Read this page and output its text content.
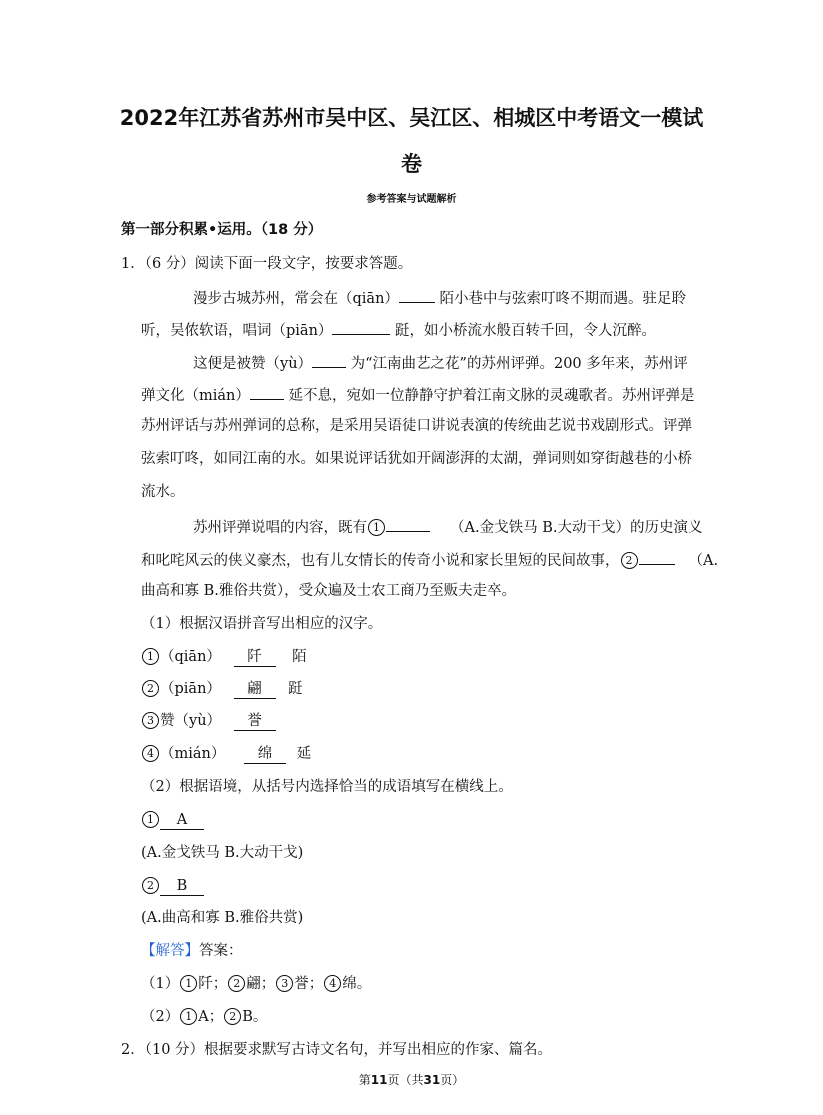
2022年江苏省苏州市吴中区、吴江区、相城区中考语文一模试
卷
参考答案与试题解析
第一部分积累•运用。（18 分）
1．（6 分）阅读下面一段文字，按要求答题。
漫步古城苏州，常会在（qiān） 陌小巷中与弦索叮咚不期而遇。驻足聆
听，吴侬软语，唱词（piān）	跹，如小桥流水般百转千回，令人沉醉。
这便是被赞（yù） 为“江南曲艺之花”的苏州评弹。200 多年来，苏州评
弹文化（mián） 延不息，宛如一位静静守护着江南文脉的灵魂歌者。苏州评弹是
苏州评话与苏州弹词的总称，是采用吴语徒口讲说表演的传统曲艺说书戏剧形式。评弹
弦索叮咚，如同江南的水。如果说评话犹如开阔澎湃的太湖，弹词则如穿街越巷的小桥
流水。
苏州评弹说唱的内容，既有 1	（A.金戈铁马 B.大动干戈）的历史演义
和叱咤风云的侠义豪杰，也有儿女情长的传奇小说和家长里短的民间故事， 2	（A.
曲高和寡 B.雅俗共赏），受众遍及士农工商乃至贩夫走卒。
（1）根据汉语拼音写出相应的汉字。
1 （qiān） 阡 陌
2 （piān） 翩 跹
3 赞（yù） 誉
4 （mián） 绵 延
（2）根据语境，从括号内选择恰当的成语填写在横线上。
1 A
(A.金戈铁马 B.大动干戈)
2 B
(A.曲高和寡 B.雅俗共赏)
【解答】答案：
（1） 1 阡； 2 翩； 3 誉； 4 绵。
（2） 1 A； 2 B。
2．（10 分）根据要求默写古诗文名句，并写出相应的作家、篇名。
第11页（共31页）
